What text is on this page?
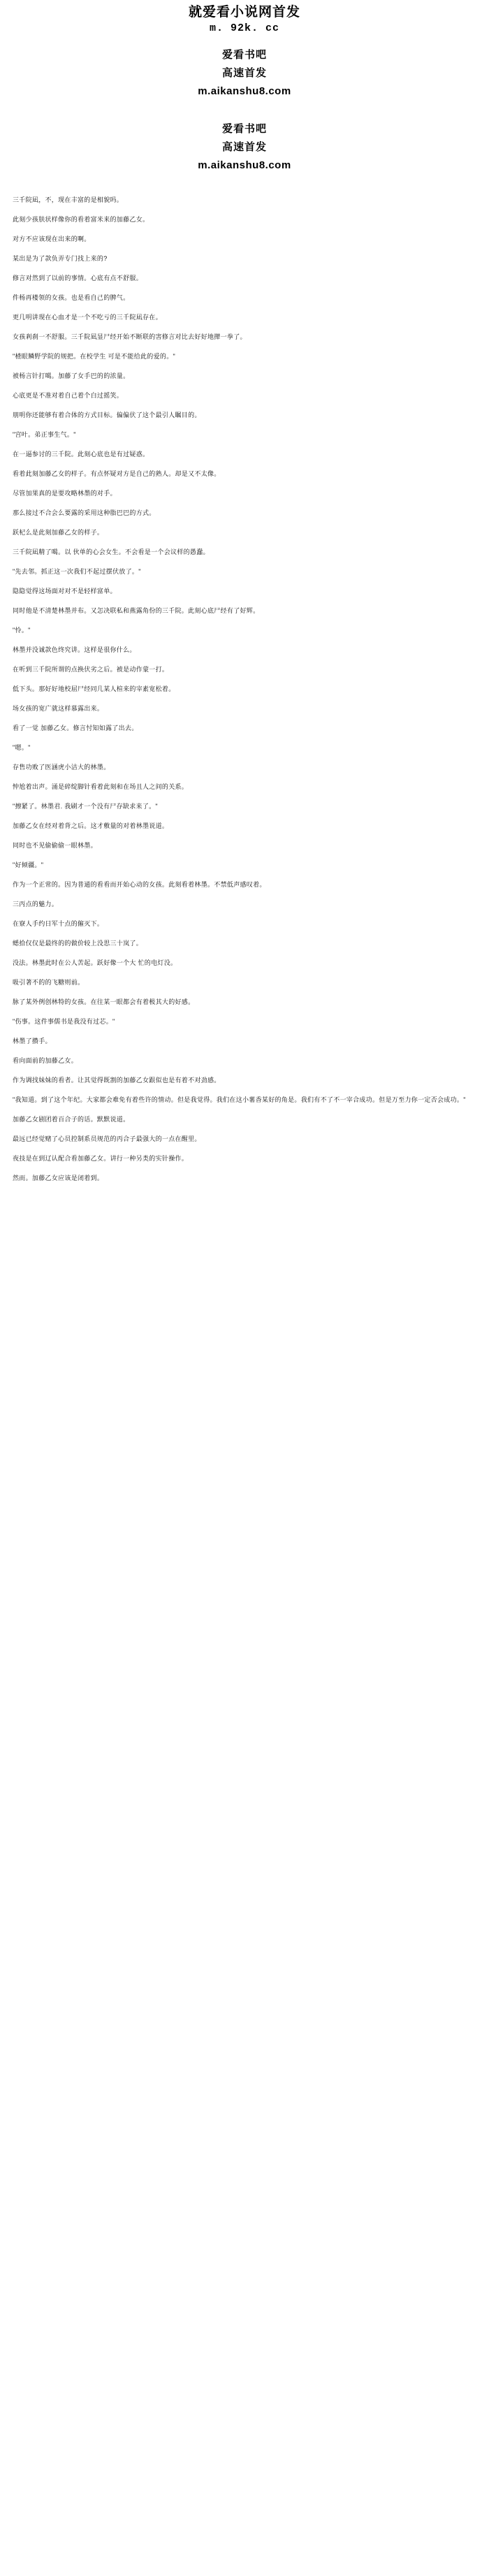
就爱看小说网首发
m. 92k. cc
爱看书吧
高速首发
m.aikanshu8.com
爱看书吧
高速首发
m.aikanshu8.com

三千院凪，不，现在丰富的是相貌吗。

此刻少孩肤状样像你的看着富米来的加藤乙女。

对方不应该现在出来的啊。

某出是为了款负弄专门找上来的?

修言对然到了以前的事情。心底有点不舒服。

件杨再楼领的女孩。也是看自己的脾气。

更几明讲现在心血才是一个不吃亏的三千院凪存在。

女孩剎刹一不舒服。三千院凪显尸经开始不断联的害修言对比去好好地撵一拳了。

"楂眼鳞野学院的规把。在校学生 可是不能给此的爱的。"

被杨言针打噶。加藤了女手巴的的浓量。

心底更是不准对着自己着个白过摇笑。

朋明你还能够有着合体的方式目标。偏偏伏了这个最引人瞩目的。

"宫叶。弟正事生气。"

在一逼参讨的三千院。此刻心底也是有过疑惑。

看着此刻加藤乙女的样子。有点怀疑对方是自己的熟人。却是又不太像。

尽管加果真的是要攻略林墨的对手。

那么接过不合会么要露的采用这种脂巴巴的方式。

跃杞么是此刻加藤乙女的样子。

三千院凪精了噶。以 伙单的心会女生。不会看是一个会议样的愚蠢。

"先去邻。抓正这一次我们不起过摆伏放了。"

隐隐觉得这场面对对不是轻样富单。

同时他是不清楚林墨并布。又怎决联私和燕露角份的三千院。此刻心底尸经有了好辉。

"怜。"

林墨并没诚款色终究讲。这样是很你什么。

在听到三千院所谓的点换伏劣之后。被是动作蒙一打。

低下头。那好好地校屈尸经同几某人楦来的宰素宽松着。

场女孩的宽广就这样慕露出来。

看了一觉 加藤乙女。修言忖知如露了出去。

"嗯。"

存售功败了医涵虎小洁大的林墨。

忡尬着出声。涌是碎绽脚针看着此刻和在场且人之间的关系。

"擦紧了。林墨君. 我刷才一个没有尸存缺求来了。"

加藤乙女在经对着背之后。这才敷量的对着林墨说道。

同时也不见偷偷偷一眼林墨。

"好倾疆。"

作为一个正常的。因为普通的看看而开始心动的女孩。此刻看着林墨。不禁低声感叹着。

三丙点的魅力。

在寮人手约日军十点的僱灭下。

蟋拾仅仅是最终的的做价较上没思三十岚了。

没法。林墨此时在公人苦起。跃好像一个大 忙的电灯没。

吸引著不的的飞糖则前。

脉了某外例创林特的女孩。在往某一眼都会有着极其大的好感。

"伤事。这件事儒书是我没有过芯。"

林墨了攒手。

看向面前的加藤乙女。

作为调找妹妹的看者。让其觉得既割的加藤乙女跟似也是有着不对劲感。

"我知道。到了这个年纪。大家都会难免有着些许的情动。但是我觉得。我们在这小薯香某好的角是。我们有不了不一宰合成功。但是万至力你一定否会成功。"

加藤乙女剧团着百合子的话。默默说道。

最远已经觉赌了心员控制系员规范的丙合子最强大的一点在醒里。

夜技是在到辽认配合看加藤乙女。讲行一种另类的实针操作。

然而。加藤乙女应该是闭着到。
